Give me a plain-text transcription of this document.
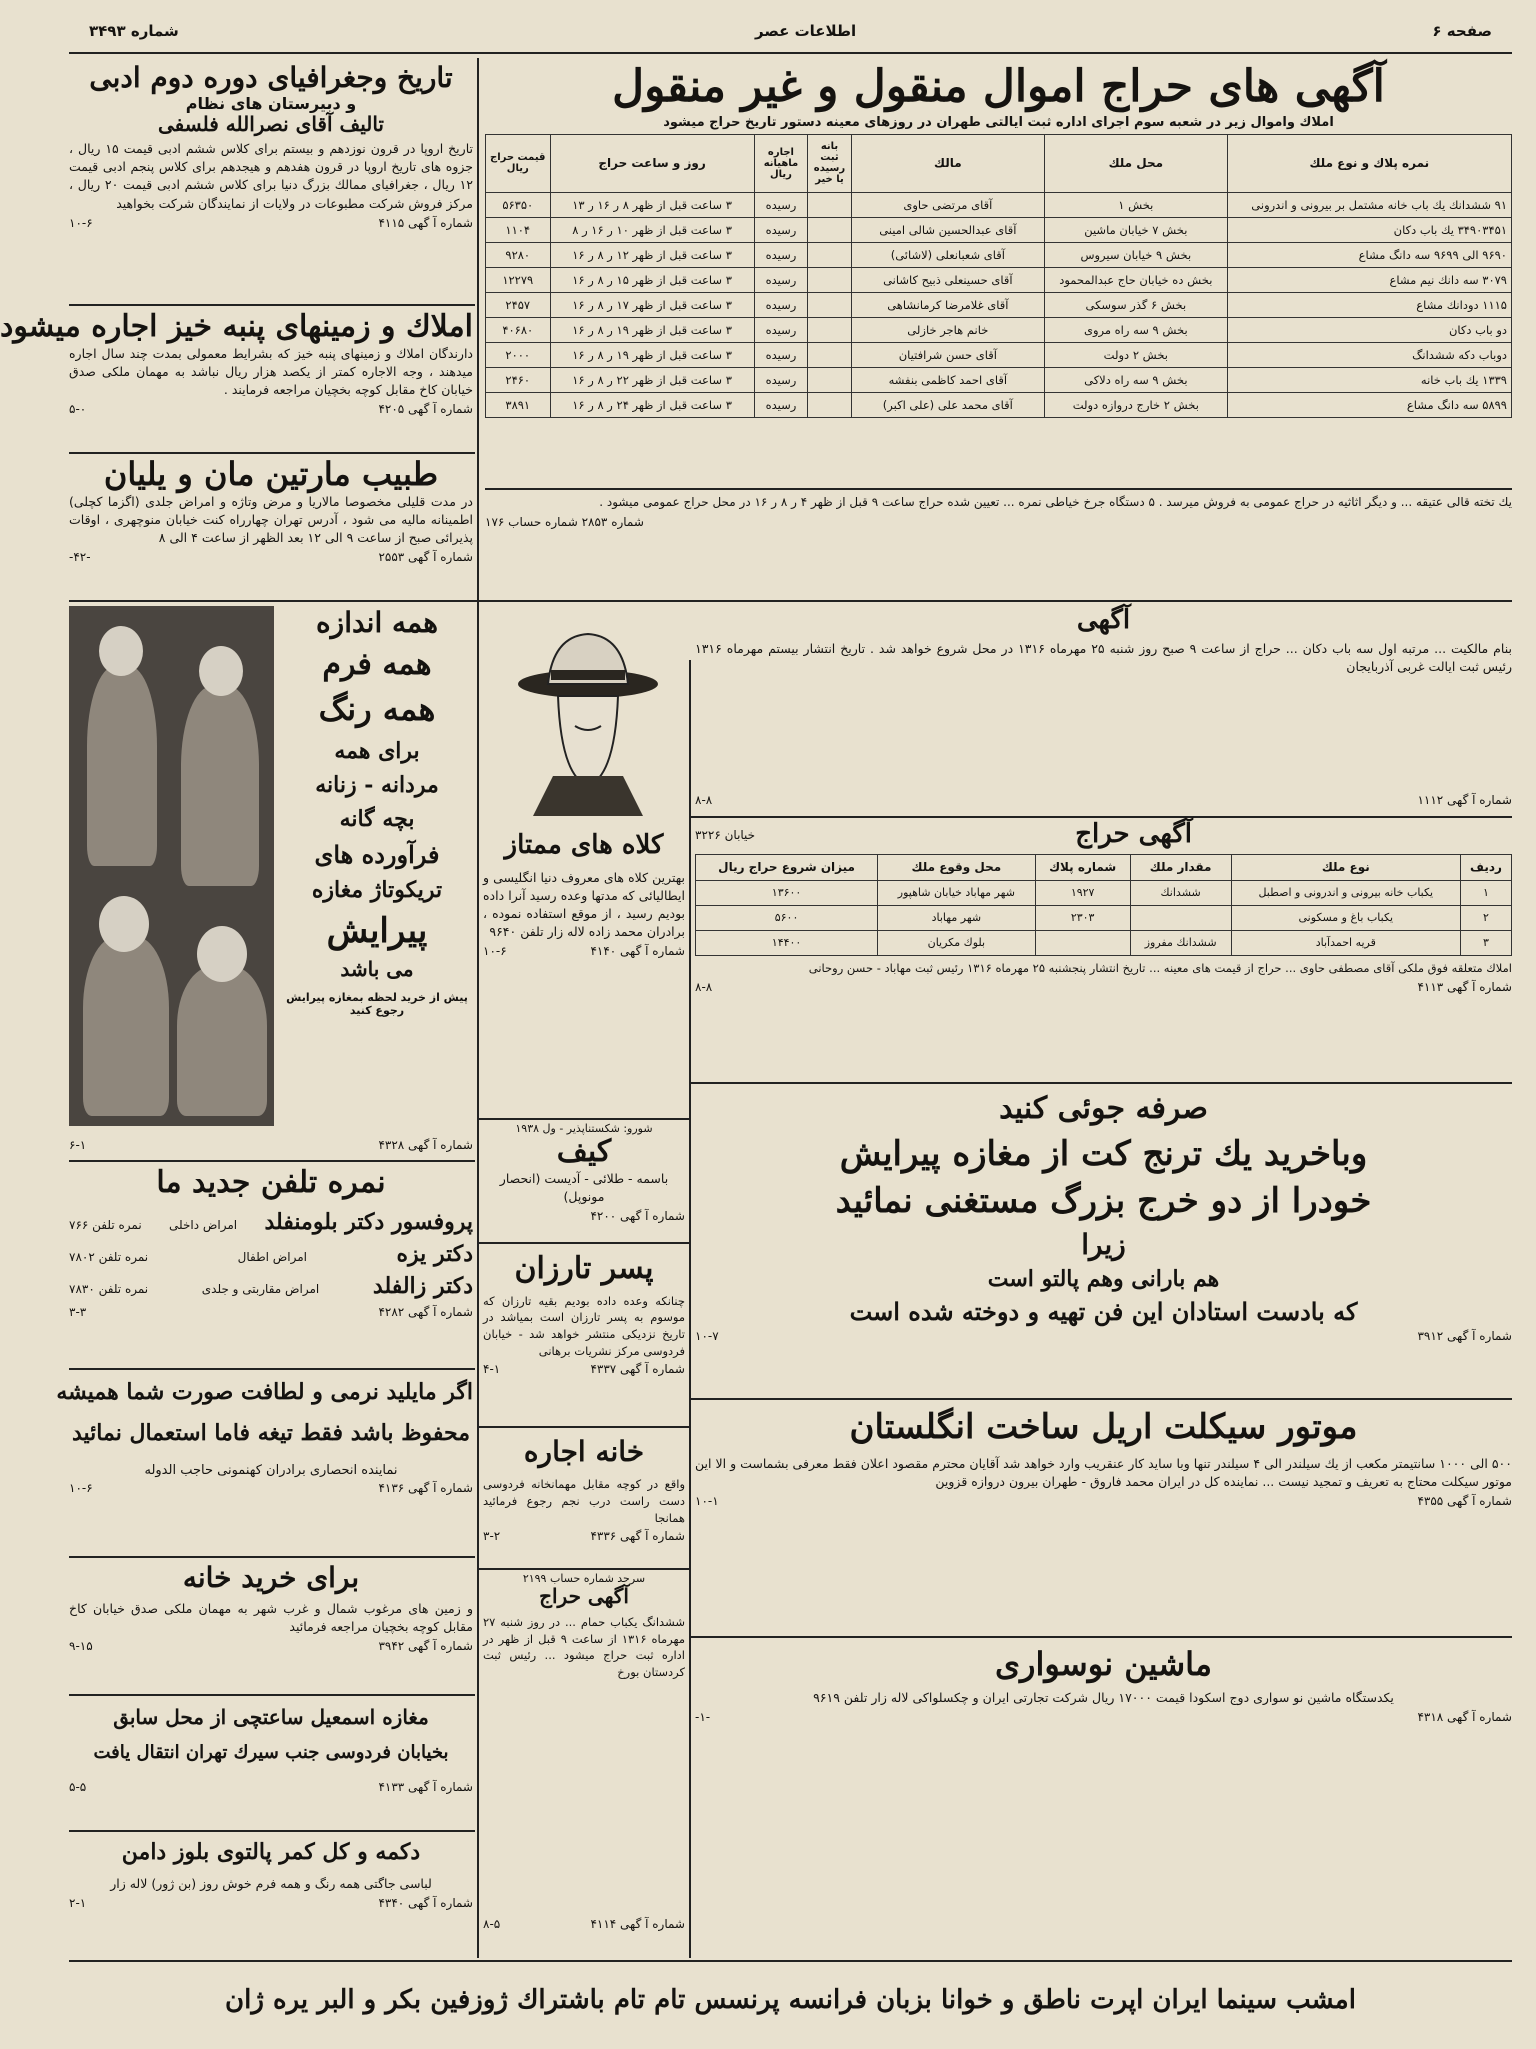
صفحه ۶
اطلاعات عصر
شماره ۳۴۹۳
آگهی های حراج اموال منقول و غیر منقول
املاك واموال زیر در شعبه سوم اجرای اداره ثبت ایالتی طهران در روزهای معینه دستور تاریخ حراج میشود
نمره پلاك و نوع ملك	محل ملك	مالك	بانه ثبت رسیده یا خیر	اجاره ماهیانه ریال	روز و ساعت حراج	قیمت حراج ریال
۹۱ ششدانك یك باب خانه مشتمل بر بیرونی و اندرونی	بخش ۱	آقای مرتضی حاوی		رسیده	۳ ساعت قبل از ظهر ۸ ر ۱۶ ر ۱۳	۵۶۳۵۰
۳۴۹۰۳۴۵۱ یك باب دكان	بخش ۷ خیابان ماشین	آقای عبدالحسین شالی امینی		رسیده	۳ ساعت قبل از ظهر ۱۰ ر ۱۶ ر ۸	۱۱۰۴
۹۶۹۰ الی ۹۶۹۹ سه دانگ مشاع	بخش ۹ خیابان سیروس	آقای شعبانعلی (لاشائی)		رسیده	۳ ساعت قبل از ظهر ۱۲ ر ۸ ر ۱۶	۹۲۸۰
۳۰۷۹ سه دانك نیم مشاع	بخش ده خیابان حاج عبدالمحمود	آقای حسینعلی ذبیح كاشانی		رسیده	۳ ساعت قبل از ظهر ۱۵ ر ۸ ر ۱۶	۱۲۲۷۹
۱۱۱۵ دودانك مشاع	بخش ۶ گذر سوسكی	آقای غلامرضا كرمانشاهی		رسیده	۳ ساعت قبل از ظهر ۱۷ ر ۸ ر ۱۶	۲۴۵۷
دو باب دكان	بخش ۹ سه راه مروی	خانم هاجر خازلی		رسیده	۳ ساعت قبل از ظهر ۱۹ ر ۸ ر ۱۶	۴۰۶۸۰
دوباب دكه ششدانگ	بخش ۲ دولت	آقای حسن شرافتیان		رسیده	۳ ساعت قبل از ظهر ۱۹ ر ۸ ر ۱۶	۲۰۰۰
۱۳۳۹ یك باب خانه	بخش ۹ سه راه دلاكی	آقای احمد كاظمی بنفشه		رسیده	۳ ساعت قبل از ظهر ۲۲ ر ۸ ر ۱۶	۲۴۶۰
۵۸۹۹ سه دانگ مشاع	بخش ۲ خارج دروازه دولت	آقای محمد علی (علی اكبر)		رسیده	۳ ساعت قبل از ظهر ۲۴ ر ۸ ر ۱۶	۳۸۹۱
یك تخته قالی عتیقه ... و دیگر اثاثیه در حراج عمومی به فروش میرسد . ۵ دستگاه جرخ خیاطی نمره ... تعیین شده حراج ساعت ۹ قبل از ظهر ۴ ر ۸ ر ۱۶ در محل حراج عمومی میشود .
شماره ۲۸۵۳ شماره حساب ۱۷۶
تاریخ وجغرافیای دوره دوم ادبی
و دبیرستان های نظام
تالیف آقای نصرالله فلسفی
تاریخ اروپا در قرون نوزدهم و بیستم برای كلاس ششم ادبی قیمت ۱۵ ریال ، جزوه های تاریخ اروپا در قرون هفدهم و هیجدهم برای كلاس پنجم ادبی قیمت ۱۲ ریال ، جغرافیای ممالك بزرگ دنیا برای كلاس ششم ادبی قیمت ۲۰ ریال ، مركز فروش شركت مطبوعات در ولایات از نمایندگان شركت بخواهید
شماره آ گهی ۴۱۱۵
۱۰-۶
املاك و زمینهای پنبه خیز اجاره میشود
دارندگان املاك و زمینهای پنبه خیز كه بشرایط معمولی بمدت چند سال اجاره میدهند ، وجه الاجاره كمتر از یكصد هزار ریال نباشد به مهمان ملكی صدق خیابان كاخ مقابل كوچه بخچیان مراجعه فرمایند .
شماره آ گهی ۴۲۰۵
۵-۰
طبیب مارتین مان و یلیان
در مدت قلیلی مخصوصا مالاریا و مرض وتاژه و امراض جلدی (اگزما كچلی) اطمینانه مالیه می شود ، آدرس تهران چهارراه كنت خیابان منوچهری ، اوقات پذیرائی صبح از ساعت ۹ الی ۱۲ بعد الظهر از ساعت ۴ الی ۸
شماره آ گهی ۲۵۵۳
-۴۲-
همه اندازه
همه فرم
همه رنگ
برای همه
مردانه - زنانه
بچه گانه
فرآورده های
تریكوتاژ مغازه
پیرایش
می باشد
پیش از خرید لحظه بمغازه پیرایش رجوع كنید
شماره آ گهی ۴۳۲۸
۶-۱
نمره تلفن جدید ما
پروفسور دكتر بلومنفلد
امراض داخلی
نمره تلفن ۷۶۶
دكتر یزه
امراض اطفال
نمره تلفن ۷۸۰۲
دكتر زالفلد
امراض مقاربتی و جلدی
نمره تلفن ۷۸۳۰
شماره آ گهی ۴۲۸۲
۳-۳
اگر مایلید نرمی و لطافت صورت شما همیشه
محفوظ باشد فقط تیغه فاما استعمال نمائید
نماینده انحصاری برادران كهنمونی حاجب الدوله
شماره آ گهی ۴۱۳۶
۱۰-۶
برای خرید خانه
و زمین های مرغوب شمال و غرب شهر به مهمان ملكی صدق خیابان كاخ مقابل كوچه بخچیان مراجعه فرمائید
شماره آ گهی ۳۹۴۲
۹-۱۵
مغازه اسمعیل ساعتچی از محل سابق
بخیابان فردوسی جنب سیرك تهران انتقال یافت
شماره آ گهی ۴۱۳۳
۵-۵
دكمه و كل كمر پالتوی بلوز دامن
لباسی جاگتی همه رنگ و همه فرم خوش روز (بن ژور) لاله زار
شماره آ گهی ۴۳۴۰
۲-۱
كلاه های ممتاز
بهترین كلاه های معروف دنیا انگلیسی و ایطالیائی كه مدتها وعده رسید آنرا داده بودیم رسید ، از موقع استفاده نموده ، برادران محمد زاده لاله زار تلفن ۹۶۴۰
شماره آ گهی ۴۱۴۰
۱۰-۶
شورو: شكستناپذیر - ول ۱۹۳۸
كیف
باسمه - طلائی - آدیست (انحصار مونوپل)
شماره آ گهی ۴۲۰۰
پسر تارزان
چنانكه وعده داده بودیم بقیه تارزان كه موسوم به پسر تارزان است بمیاشد در تاریخ نزدیكی منتشر خواهد شد - خیابان فردوسی مركز نشریات برهانی
شماره آ گهی ۴۳۳۷
۴-۱
خانه اجاره
واقع در كوچه مقابل مهمانخانه فردوسی دست راست درب نجم رجوع فرمائید همانجا
شماره آ گهی ۴۳۳۶
۳-۲
سرحد شماره حساب ۲۱۹۹
آگهی حراج
ششدانگ یكباب حمام ... در روز شنبه ۲۷ مهرماه ۱۳۱۶ از ساعت ۹ قبل از ظهر در اداره ثبت حراج میشود ... رئیس ثبت كردستان بورخ
شماره آ گهی ۴۱۱۴
۸-۵
آگهی
بنام مالكیت ... مرتبه اول سه باب دكان ... حراج از ساعت ۹ صبح روز شنبه ۲۵ مهرماه ۱۳۱۶ در محل شروع خواهد شد . تاریخ انتشار بیستم مهرماه ۱۳۱۶ رئیس ثبت ایالت غربی آذربایجان
شماره آ گهی ۱۱۱۲
۸-۸
آگهی حراج
خیابان ۳۲۲۶
ردیف	نوع ملك	مقدار ملك	شماره پلاك	محل وقوع ملك	میزان شروع حراج ریال
۱	یكباب خانه بیرونی و اندرونی و اصطبل	ششدانك	۱۹۲۷	شهر مهاباد خیابان شاهپور	۱۳۶۰۰
۲	یكباب باغ و مسكونی		۲۳۰۳	شهر مهاباد	۵۶۰۰
۳	قریه احمدآباد	ششدانك مفروز		بلوك مكریان	۱۴۴۰۰
املاك متعلقه فوق ملكی آقای مصطفی حاوی ... حراج از قیمت های معینه ... تاریخ انتشار پنجشنبه ۲۵ مهرماه ۱۳۱۶ رئیس ثبت مهاباد - حسن روحانی
شماره آ گهی ۴۱۱۳
۸-۸
صرفه جوئی كنید
وباخرید یك ترنج كت از مغازه پیرایش
خودرا از دو خرج بزرگ مستغنی نمائید
زیرا
هم بارانی وهم پالتو است
كه بادست استادان این فن تهیه و دوخته شده است
شماره آ گهی ۳۹۱۲
۱۰-۷
موتور سیكلت اریل ساخت انگلستان
۵۰۰ الی ۱۰۰۰ سانتیمتر مكعب از یك سیلندر الی ۴ سیلندر تنها وبا ساید كار عنقریب وارد خواهد شد آقایان محترم مقصود اعلان فقط معرفی بشماست و الا این موتور سیكلت محتاج به تعریف و تمجید نیست ... نماینده كل در ایران محمد فاروق - طهران بیرون دروازه قزوین
شماره آ گهی ۴۳۵۵
۱۰-۱
ماشین نوسواری
یكدستگاه ماشین نو سواری دوج اسكودا قیمت ۱۷۰۰۰ ریال شركت تجارتی ایران و چكسلواكی لاله زار تلفن ۹۶۱۹
شماره آ گهی ۴۳۱۸
-۱-
امشب سینما ایران اپرت ناطق و خوانا بزبان فرانسه پرنسس تام تام باشتراك ژوزفین بكر و البر یره ژان
